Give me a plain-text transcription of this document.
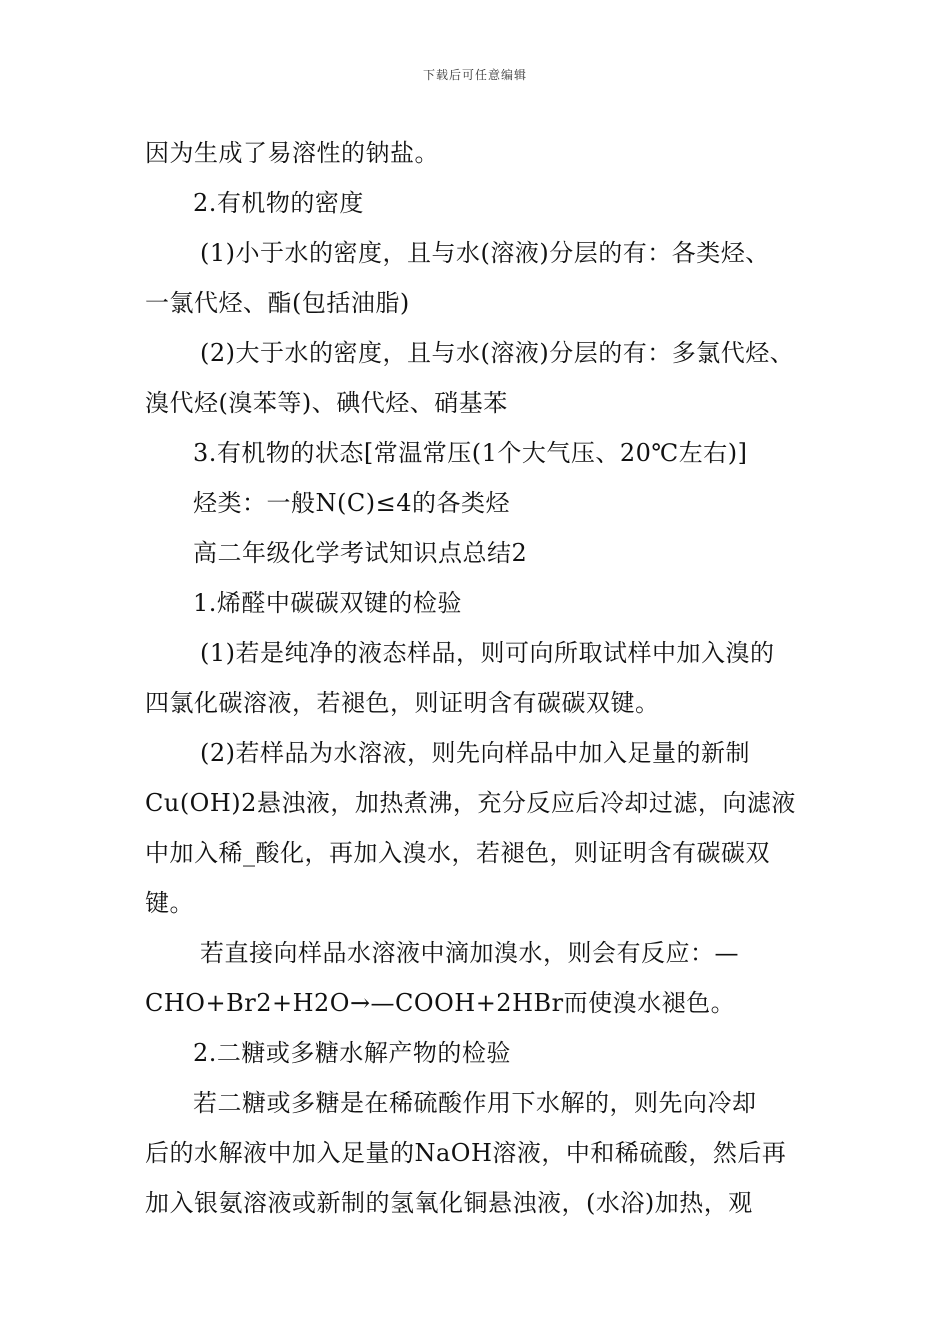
下载后可任意编辑
因为生成了易溶性的钠盐。
2.有机物的密度
(1)小于水的密度，且与水(溶液)分层的有：各类烃、
一氯代烃、酯(包括油脂)
(2)大于水的密度，且与水(溶液)分层的有：多氯代烃、
溴代烃(溴苯等)、碘代烃、硝基苯
3.有机物的状态[常温常压(1个大气压、20℃左右)]
烃类：一般N(C)≤4的各类烃
高二年级化学考试知识点总结2
1.烯醛中碳碳双键的检验
(1)若是纯净的液态样品，则可向所取试样中加入溴的
四氯化碳溶液，若褪色，则证明含有碳碳双键。
(2)若样品为水溶液，则先向样品中加入足量的新制
Cu(OH)2悬浊液，加热煮沸，充分反应后冷却过滤，向滤液
中加入稀_酸化，再加入溴水，若褪色，则证明含有碳碳双
键。
若直接向样品水溶液中滴加溴水，则会有反应：—
CHO+Br2+H2O→—COOH+2HBr而使溴水褪色。
2.二糖或多糖水解产物的检验
若二糖或多糖是在稀硫酸作用下水解的，则先向冷却
后的水解液中加入足量的NaOH溶液，中和稀硫酸，然后再
加入银氨溶液或新制的氢氧化铜悬浊液，(水浴)加热，观
